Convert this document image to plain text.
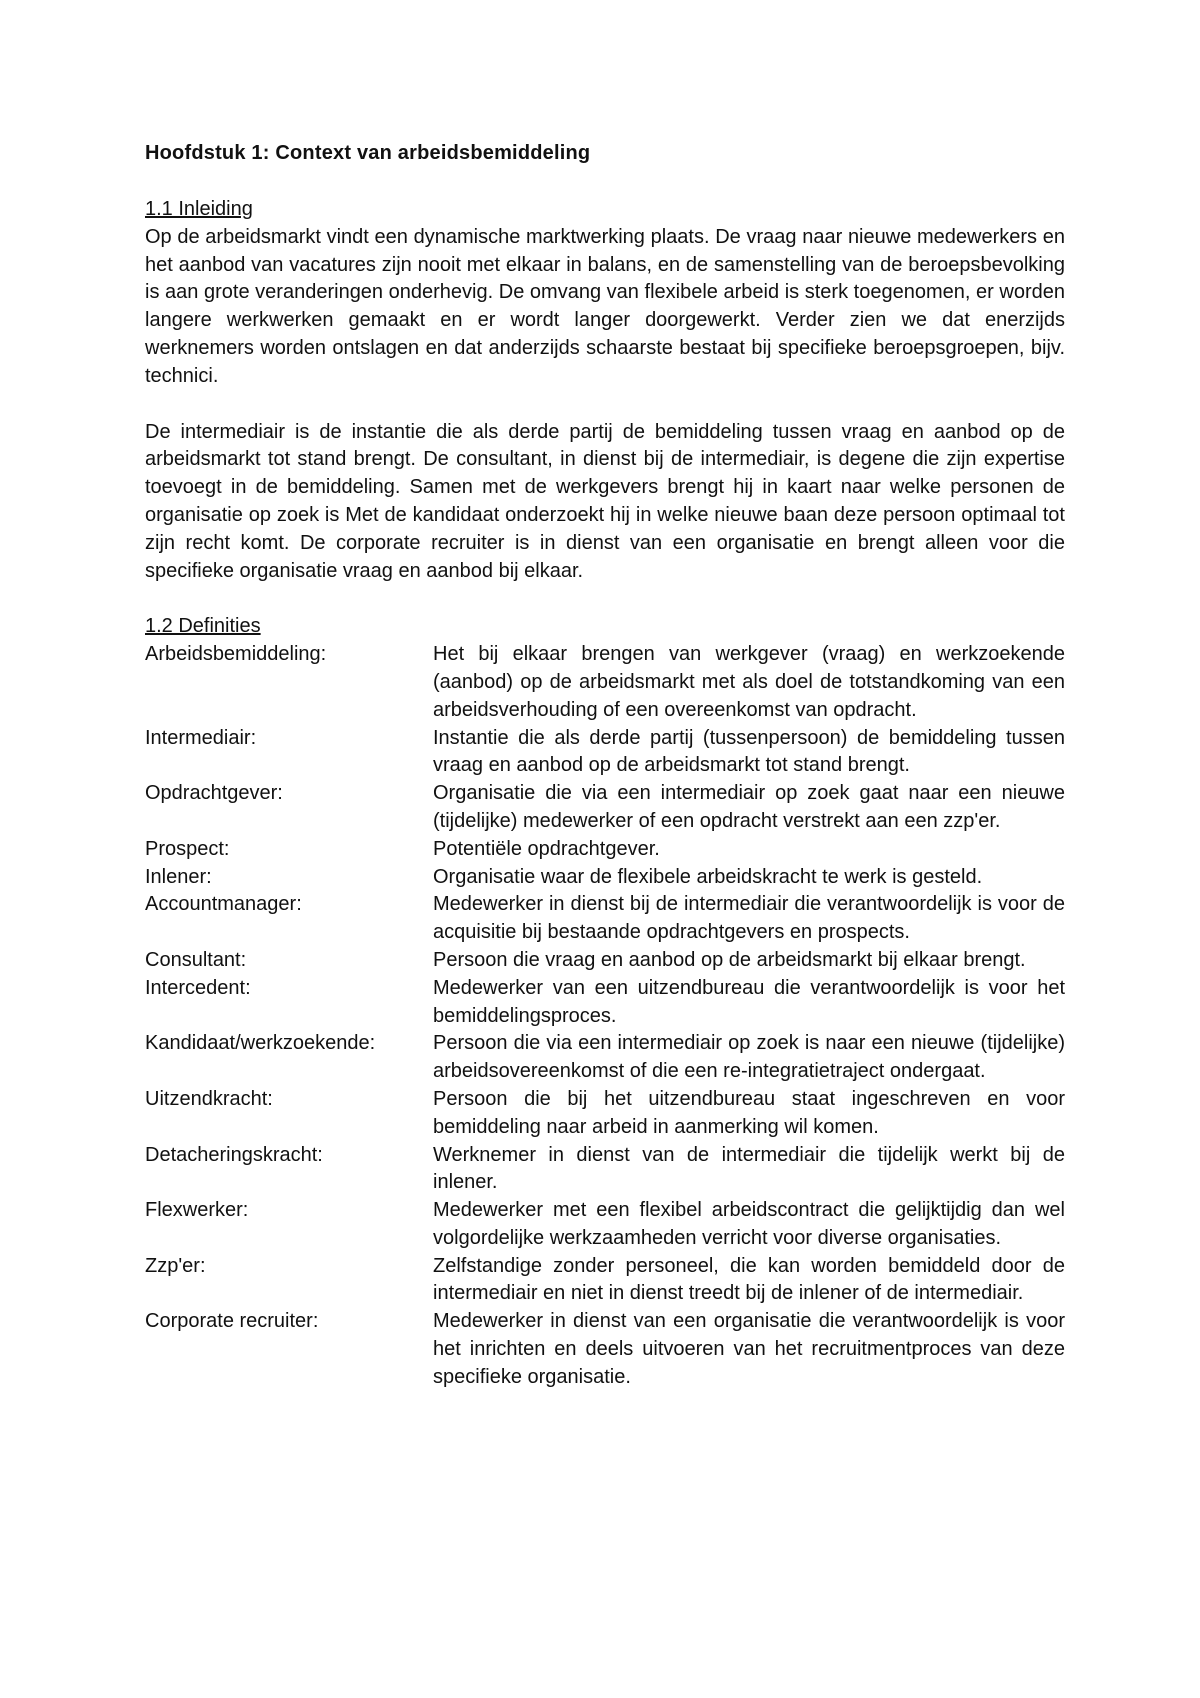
Hoofdstuk 1: Context van arbeidsbemiddeling

1.1 Inleiding

Op de arbeidsmarkt vindt een dynamische marktwerking plaats. De vraag naar nieuwe medewerkers en het aanbod van vacatures zijn nooit met elkaar in balans, en de samenstelling van de beroepsbevolking is aan grote veranderingen onderhevig. De omvang van flexibele arbeid is sterk toegenomen, er worden langere werkwerken gemaakt en er wordt langer doorgewerkt. Verder zien we dat enerzijds werknemers worden ontslagen en dat anderzijds schaarste bestaat bij specifieke beroepsgroepen, bijv. technici.

De intermediair is de instantie die als derde partij de bemiddeling tussen vraag en aanbod op de arbeidsmarkt tot stand brengt. De consultant, in dienst bij de intermediair, is degene die zijn expertise toevoegt in de bemiddeling. Samen met de werkgevers brengt hij in kaart naar welke personen de organisatie op zoek is Met de kandidaat onderzoekt hij in welke nieuwe baan deze persoon optimaal tot zijn recht komt. De corporate recruiter is in dienst van een organisatie en brengt alleen voor die specifieke organisatie vraag en aanbod bij elkaar.

1.2 Definities

Arbeidsbemiddeling:	Het bij elkaar brengen van werkgever (vraag) en werkzoekende (aanbod) op de arbeidsmarkt met als doel de totstandkoming van een arbeidsverhouding of een overeenkomst van opdracht.
Intermediair:	Instantie die als derde partij (tussenpersoon) de bemiddeling tussen vraag en aanbod op de arbeidsmarkt tot stand brengt.
Opdrachtgever:	Organisatie die via een intermediair op zoek gaat naar een nieuwe (tijdelijke) medewerker of een opdracht verstrekt aan een zzp'er.
Prospect:	Potentiële opdrachtgever.
Inlener:	Organisatie waar de flexibele arbeidskracht te werk is gesteld.
Accountmanager:	Medewerker in dienst bij de intermediair die verantwoordelijk is voor de acquisitie bij bestaande opdrachtgevers en prospects.
Consultant:	Persoon die vraag en aanbod op de arbeidsmarkt bij elkaar brengt.
Intercedent:	Medewerker van een uitzendbureau die verantwoordelijk is voor het bemiddelingsproces.
Kandidaat/werkzoekende:	Persoon die via een intermediair op zoek is naar een nieuwe (tijdelijke) arbeidsovereenkomst of die een re-integratietraject ondergaat.
Uitzendkracht:	Persoon die bij het uitzendbureau staat ingeschreven en voor bemiddeling naar arbeid in aanmerking wil komen.
Detacheringskracht:	Werknemer in dienst van de intermediair die tijdelijk werkt bij de inlener.
Flexwerker:	Medewerker met een flexibel arbeidscontract die gelijktijdig dan wel volgordelijke werkzaamheden verricht voor diverse organisaties.
Zzp'er:	Zelfstandige zonder personeel, die kan worden bemiddeld door de intermediair en niet in dienst treedt bij de inlener of de intermediair.
Corporate recruiter:	Medewerker in dienst van een organisatie die verantwoordelijk is voor het inrichten en deels uitvoeren van het recruitmentproces van deze specifieke organisatie.
